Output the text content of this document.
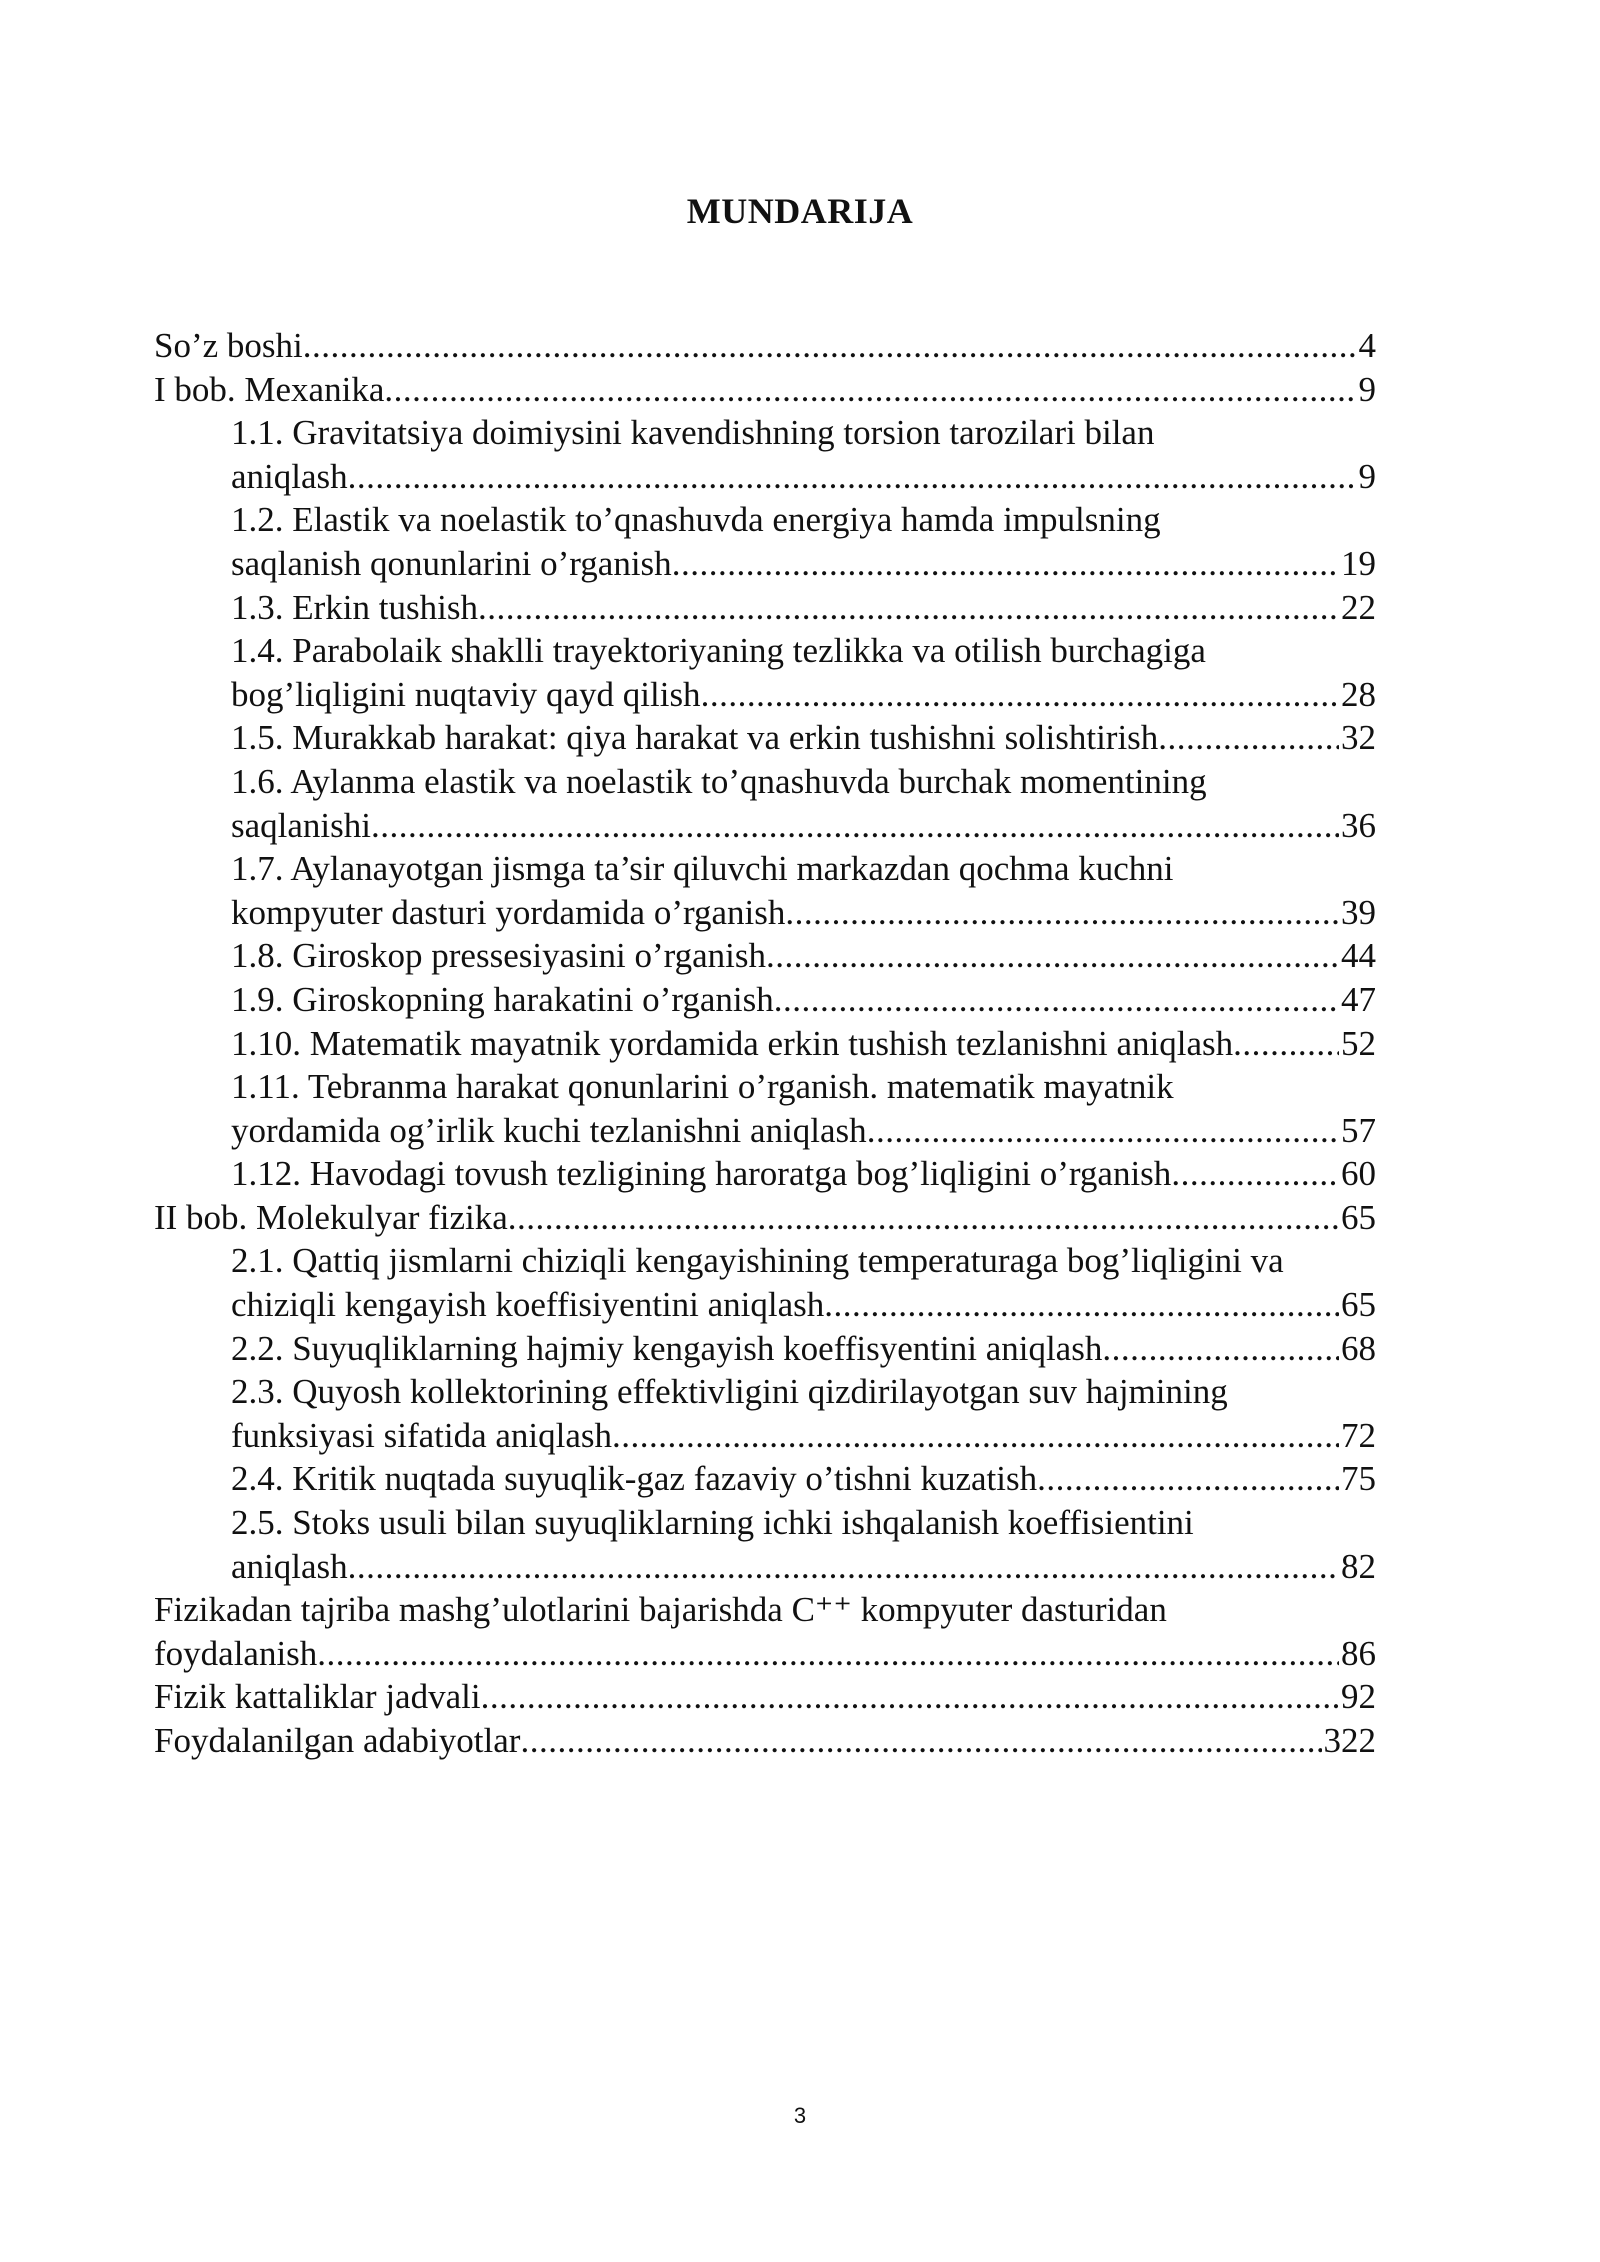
MUNDARIJA
So’z boshi .....	4
I bob. Mexanika .....	9
1.1. Gravitatsiya doimiysini kavendishning torsion tarozilari bilan
aniqlash .....	9
1.2. Elastik va noelastik to’qnashuvda energiya hamda impulsning
saqlanish qonunlarini o’rganish .....	19
1.3. Erkin tushish .....	22
1.4. Parabolaik shaklli trayektoriyaning tezlikka va otilish burchagiga
bog’liqligini nuqtaviy qayd qilish .....	28
1.5. Murakkab harakat: qiya harakat va erkin tushishni solishtirish .....	32
1.6. Aylanma elastik va noelastik to’qnashuvda burchak momentining
saqlanishi .....	36
1.7. Aylanayotgan jismga ta’sir qiluvchi markazdan qochma kuchni
kompyuter dasturi yordamida o’rganish .....	39
1.8. Giroskop pressesiyasini o’rganish .....	44
1.9. Giroskopning harakatini o’rganish .....	47
1.10. Matematik mayatnik yordamida erkin tushish tezlanishni aniqlash .....	52
1.11. Tebranma harakat qonunlarini o’rganish. matematik mayatnik
yordamida og’irlik kuchi tezlanishni aniqlash .....	57
1.12. Havodagi tovush tezligining haroratga bog’liqligini o’rganish .....	60
II bob. Molekulyar fizika .....	65
2.1. Qattiq jismlarni chiziqli kengayishining temperaturaga bog’liqligini va
chiziqli kengayish koeffisiyentini aniqlash .....	65
2.2. Suyuqliklarning hajmiy kengayish koeffisyentini aniqlash .....	68
2.3. Quyosh kollektorining effektivligini qizdirilayotgan suv hajmining
funksiyasi sifatida aniqlash .....	72
2.4. Kritik nuqtada suyuqlik-gaz fazaviy o’tishni kuzatish .....	75
2.5. Stoks usuli bilan suyuqliklarning ichki ishqalanish koeffisientini
aniqlash .....	82
Fizikadan tajriba mashg’ulotlarini bajarishda C⁺⁺ kompyuter dasturidan
foydalanish .....	86
Fizik kattaliklar jadvali .....	92
Foydalanilgan adabiyotlar .....	322
3
